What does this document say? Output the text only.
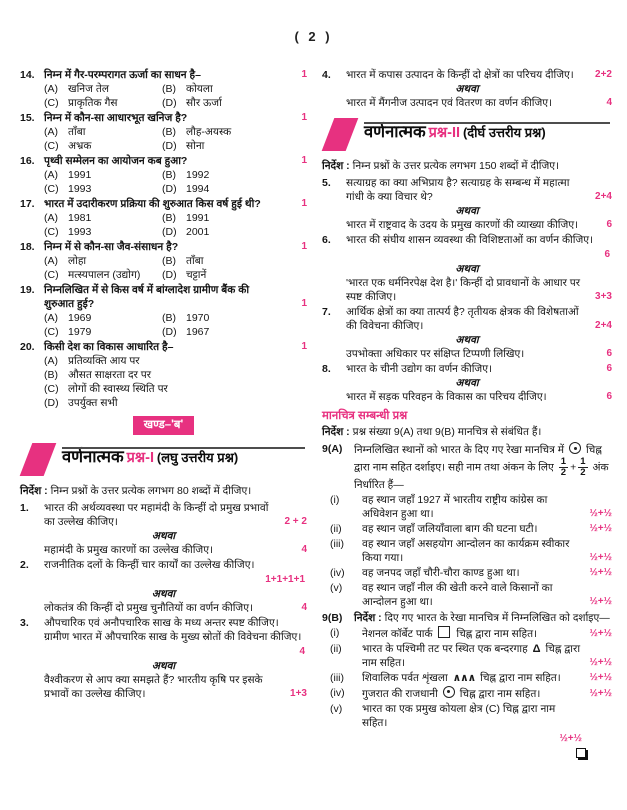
( 2 )
14. निम्न में गैर-परम्परागत ऊर्जा का साधन है–	1
(A) खनिज तेल	(B) कोयला
(C) प्राकृतिक गैस	(D) सौर ऊर्जा
15. निम्न में कौन-सा आधारभूत खनिज है?	1
(A) ताँबा	(B) लौह-अयस्क
(C) अभ्रक	(D) सोना
16. पृथ्वी सम्मेलन का आयोजन कब हुआ?	1
(A) 1991	(B) 1992
(C) 1993	(D) 1994
17. भारत में उदारीकरण प्रक्रिया की शुरुआत किस वर्ष हुई थी?	1
(A) 1981	(B) 1991
(C) 1993	(D) 2001
18. निम्न में से कौन-सा जैव-संसाधन है?	1
(A) लोहा	(B) ताँबा
(C) मत्स्यपालन (उद्योग)	(D) चट्टानें
19. निम्नलिखित में से किस वर्ष में बांग्लादेश ग्रामीण बैंक की शुरुआत हुई?	1
(A) 1969	(B) 1970
(C) 1979	(D) 1967
20. किसी देश का विकास आधारित है–	1
(A) प्रतिव्यक्ति आय पर
(B) औसत साक्षरता दर पर
(C) लोगों की स्वास्थ्य स्थिति पर
(D) उपर्युक्त सभी
खण्ड–'ब'
वर्णनात्मक प्रश्न-I (लघु उत्तरीय प्रश्न)
निर्देश : निम्न प्रश्नों के उत्तर प्रत्येक लगभग 80 शब्दों में दीजिए।
1. भारत की अर्थव्यवस्था पर महामंदी के किन्हीं दो प्रमुख प्रभावों का उल्लेख कीजिए।	2 + 2
अथवा
महामंदी के प्रमुख कारणों का उल्लेख कीजिए।	4
2. राजनीतिक दलों के किन्हीं चार कार्यों का उल्लेख कीजिए।
1+1+1+1
अथवा
लोकतंत्र की किन्हीं दो प्रमुख चुनौतियों का वर्णन कीजिए।	4
3. औपचारिक एवं अनौपचारिक साख के मध्य अन्तर स्पष्ट कीजिए। ग्रामीण भारत में औपचारिक साख के मुख्य स्रोतों की विवेचना कीजिए।
4
अथवा
वैश्वीकरण से आप क्या समझते हैं? भारतीय कृषि पर इसके प्रभावों का उल्लेख कीजिए।	1+3
4. भारत में कपास उत्पादन के किन्हीं दो क्षेत्रों का परिचय दीजिए। 2+2
अथवा
भारत में मैंगनीज उत्पादन एवं वितरण का वर्णन कीजिए।	4
वर्णनात्मक प्रश्न-II (दीर्घ उत्तरीय प्रश्न)
निर्देश : निम्न प्रश्नों के उत्तर प्रत्येक लगभग 150 शब्दों में दीजिए।
5. सत्याग्रह का क्या अभिप्राय है? सत्याग्रह के सम्बन्ध में महात्मा गांधी के क्या विचार थे?	2+4
अथवा
भारत में राष्ट्रवाद के उदय के प्रमुख कारणों की व्याख्या कीजिए।	6
6. भारत की संघीय शासन व्यवस्था की विशिष्टताओं का वर्णन कीजिए।
6
अथवा
'भारत एक धर्मनिरपेक्ष देश है।' किन्हीं दो प्रावधानों के आधार पर स्पष्ट कीजिए।	3+3
7. आर्थिक क्षेत्रों का क्या तात्पर्य है? तृतीयक क्षेत्रक की विशेषताओं की विवेचना कीजिए।	2+4
अथवा
उपभोक्ता अधिकार पर संक्षिप्त टिप्पणी लिखिए।	6
8. भारत के चीनी उद्योग का वर्णन कीजिए।	6
अथवा
भारत में सड़क परिवहन के विकास का परिचय दीजिए।	6
मानचित्र सम्बन्धी प्रश्न
निर्देश : प्रश्न संख्या 9(A) तथा 9(B) मानचित्र से संबंधित हैं।
9(A) निम्नलिखित स्थानों को भारत के दिए गए रेखा मानचित्र में चिह्न द्वारा नाम सहित दर्शाइए। सही नाम तथा अंकन के लिए $\frac{1}{2} + \frac{1}{2}$ अंक निर्धारित हैं—
(i) वह स्थान जहाँ 1927 में भारतीय राष्ट्रीय कांग्रेस का अधिवेशन हुआ था।	½+½
(ii) वह स्थान जहाँ जलियाँवाला बाग की घटना घटी।	½+½
(iii) वह स्थान जहाँ असहयोग आन्दोलन का कार्यक्रम स्वीकार किया गया।	½+½
(iv) वह जनपद जहाँ चौरी-चौरा काण्ड हुआ था।	½+½
(v) वह स्थान जहाँ नील की खेती करने वाले किसानों का आन्दोलन हुआ था।	½+½
9(B) निर्देश : दिए गए भारत के रेखा मानचित्र में निम्नलिखित को दर्शाइए—
(i) नेशनल कॉर्बेट पार्क  चिह्न द्वारा नाम सहित।	½+½
(ii) भारत के पश्चिमी तट पर स्थित एक बन्दरगाह Δ चिह्न द्वारा नाम सहित।	½+½
(iii) शिवालिक पर्वत शृंखला ∧∧∧ चिह्न द्वारा नाम सहित।	½+½
(iv) गुजरात की राजधानी  चिह्न द्वारा नाम सहित।	½+½
(v) भारत का एक प्रमुख कोयला क्षेत्र (C) चिह्न द्वारा नाम सहित।
½+½
